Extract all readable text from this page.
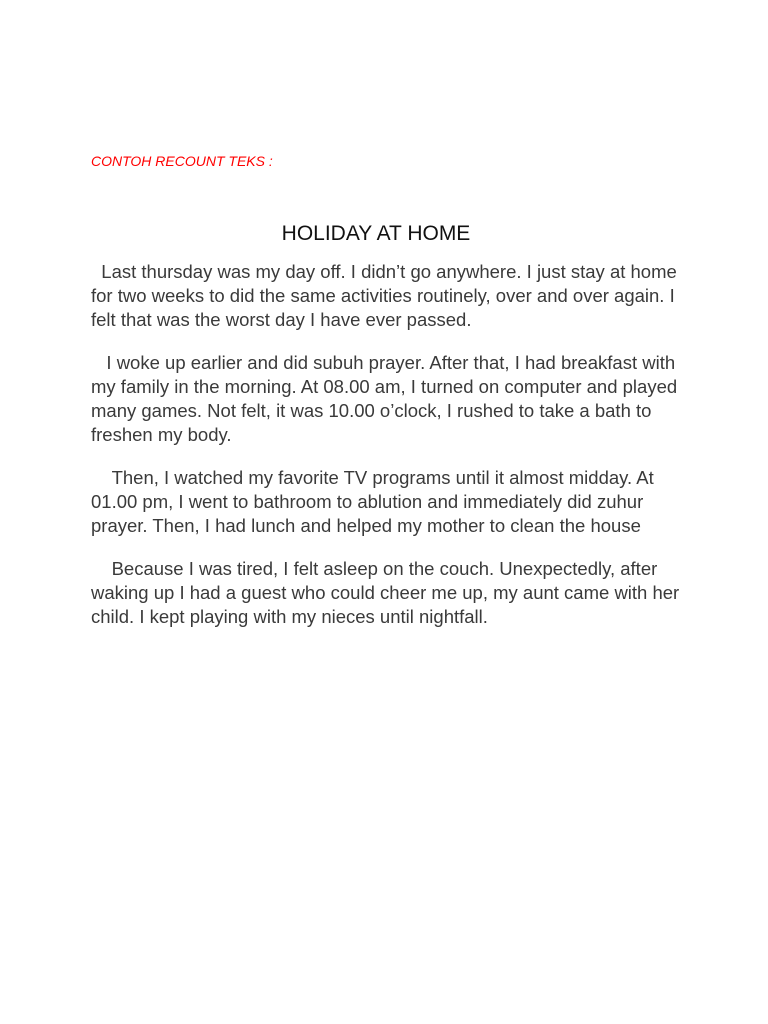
CONTOH RECOUNT TEKS :
HOLIDAY AT HOME

Last thursday was my day off. I didn’t go anywhere. I just stay at home for two weeks to did the same activities routinely, over and over again. I felt that was the worst day I have ever passed.

I woke up earlier and did subuh prayer. After that, I had breakfast with my family in the morning. At 08.00 am, I turned on computer and played many games. Not felt, it was 10.00 o’clock, I rushed to take a bath to freshen my body.

Then, I watched my favorite TV programs until it almost midday. At 01.00 pm, I went to bathroom to ablution and immediately did zuhur prayer. Then, I had lunch and helped my mother to clean the house

Because I was tired, I felt asleep on the couch. Unexpectedly, after waking up I had a guest who could cheer me up, my aunt came with her child. I kept playing with my nieces until nightfall.
